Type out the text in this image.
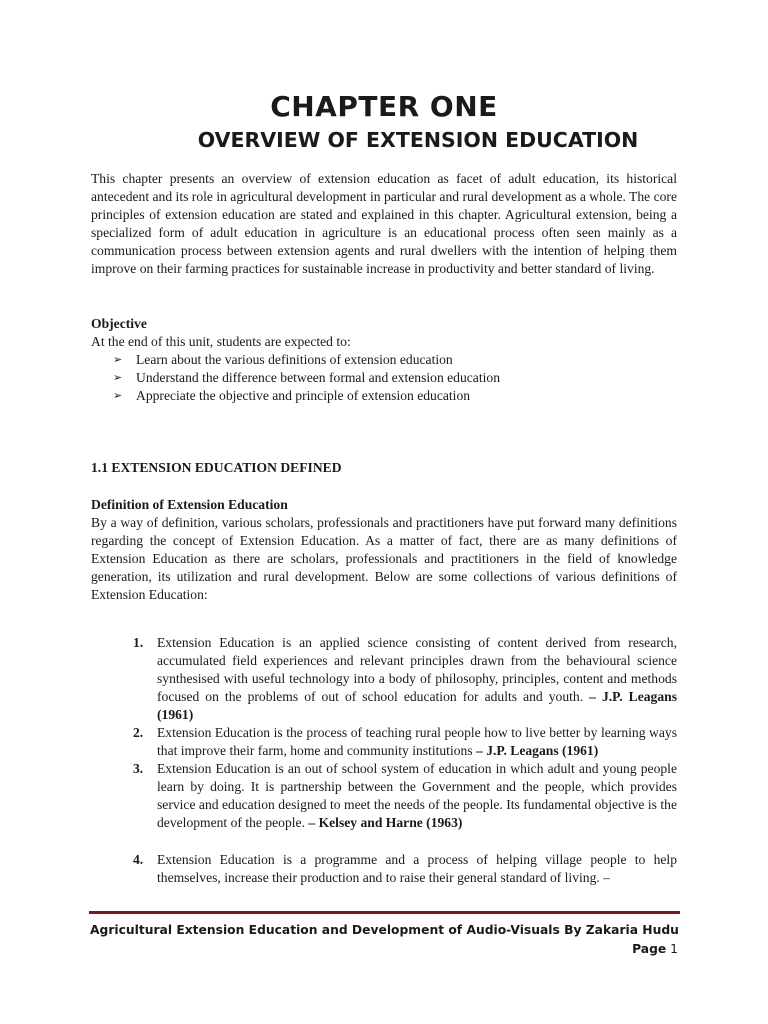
CHAPTER ONE
OVERVIEW OF EXTENSION EDUCATION

This chapter presents an overview of extension education as facet of adult education, its historical antecedent and its role in agricultural development in particular and rural development as a whole. The core principles of extension education are stated and explained in this chapter. Agricultural extension, being a specialized form of adult education in agriculture is an educational process often seen mainly as a communication process between extension agents and rural dwellers with the intention of helping them improve on their farming practices for sustainable increase in productivity and better standard of living.

Objective

At the end of this unit, students are expected to:

➢ Learn about the various definitions of extension education
➢ Understand the difference between formal and extension education
➢ Appreciate the objective and principle of extension education

1.1 EXTENSION EDUCATION DEFINED

Definition of Extension Education

By a way of definition, various scholars, professionals and practitioners have put forward many definitions regarding the concept of Extension Education. As a matter of fact, there are as many definitions of Extension Education as there are scholars, professionals and practitioners in the field of knowledge generation, its utilization and rural development. Below are some collections of various definitions of Extension Education:

1. Extension Education is an applied science consisting of content derived from research, accumulated field experiences and relevant principles drawn from the behavioural science synthesised with useful technology into a body of philosophy, principles, content and methods focused on the problems of out of school education for adults and youth. – J.P. Leagans (1961)
2. Extension Education is the process of teaching rural people how to live better by learning ways that improve their farm, home and community institutions – J.P. Leagans (1961)
3. Extension Education is an out of school system of education in which adult and young people learn by doing. It is partnership between the Government and the people, which provides service and education designed to meet the needs of the people. Its fundamental objective is the development of the people. – Kelsey and Harne (1963)
4. Extension Education is a programme and a process of helping village people to help themselves, increase their production and to raise their general standard of living. –
Agricultural Extension Education and Development of Audio-Visuals By Zakaria Hudu
Page 1
